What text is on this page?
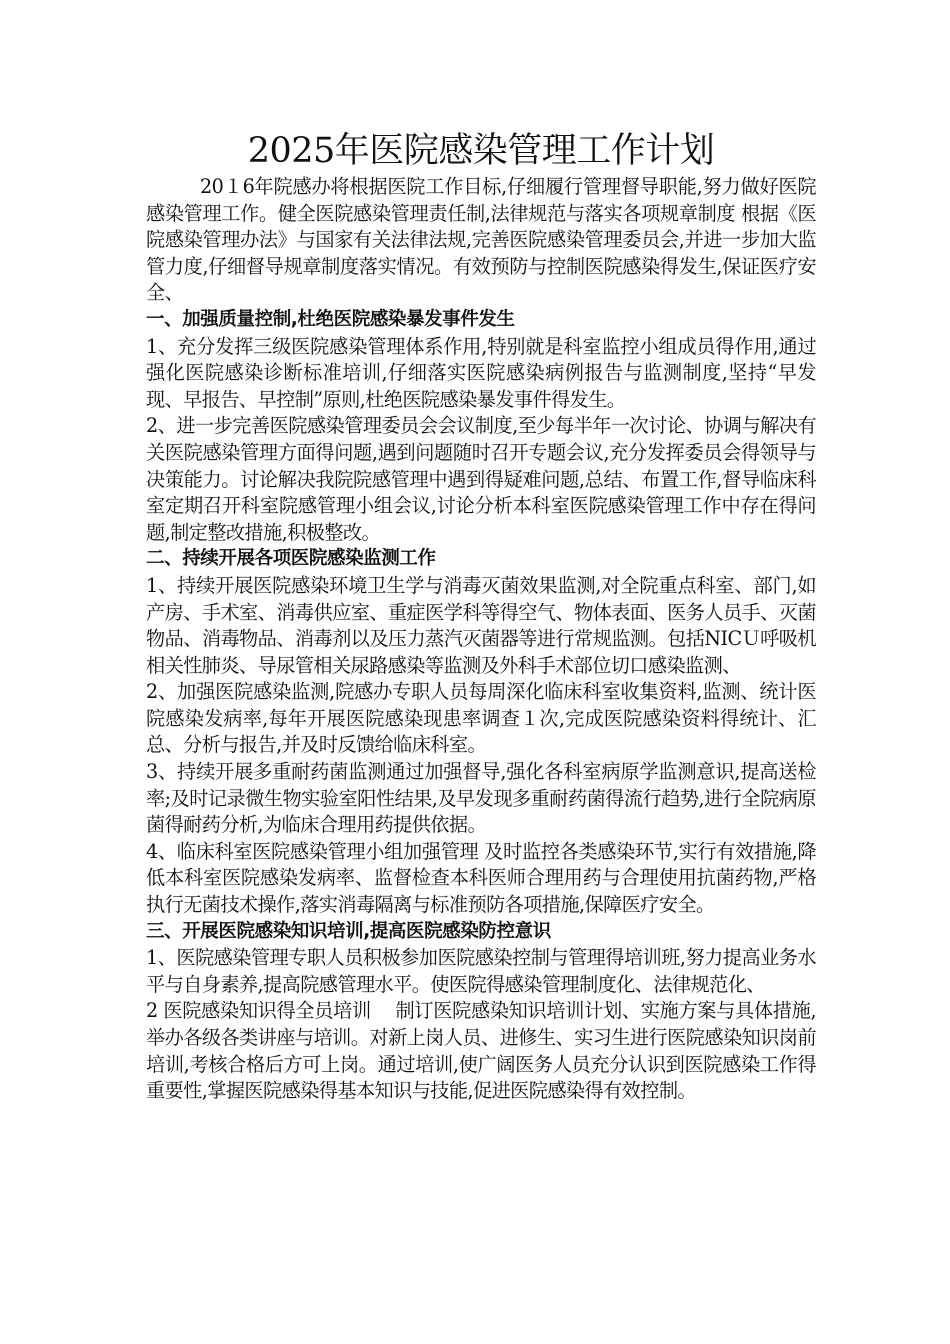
2025年医院感染管理工作计划

20１6年院感办将根据医院工作目标,仔细履行管理督导职能,努力做好医院感染管理工作。健全医院感染管理责任制,法律规范与落实各项规章制度 根据《医院感染管理办法》与国家有关法律法规,完善医院感染管理委员会,并进一步加大监管力度,仔细督导规章制度落实情况。有效预防与控制医院感染得发生,保证医疗安全、

一、加强质量控制,杜绝医院感染暴发事件发生

1、充分发挥三级医院感染管理体系作用,特别就是科室监控小组成员得作用,通过强化医院感染诊断标准培训,仔细落实医院感染病例报告与监测制度,坚持“早发现、早报告、早控制”原则,杜绝医院感染暴发事件得发生。

2、进一步完善医院感染管理委员会会议制度,至少每半年一次讨论、协调与解决有关医院感染管理方面得问题,遇到问题随时召开专题会议,充分发挥委员会得领导与决策能力。讨论解决我院院感管理中遇到得疑难问题,总结、布置工作,督导临床科室定期召开科室院感管理小组会议,讨论分析本科室医院感染管理工作中存在得问题,制定整改措施,积极整改。

二、持续开展各项医院感染监测工作

1、持续开展医院感染环境卫生学与消毒灭菌效果监测,对全院重点科室、部门,如产房、手术室、消毒供应室、重症医学科等得空气、物体表面、医务人员手、灭菌物品、消毒物品、消毒剂以及压力蒸汽灭菌器等进行常规监测。包括NICＵ呼吸机相关性肺炎、导尿管相关尿路感染等监测及外科手术部位切口感染监测、

2、加强医院感染监测,院感办专职人员每周深化临床科室收集资料,监测、统计医院感染发病率,每年开展医院感染现患率调查１次,完成医院感染资料得统计、汇总、分析与报告,并及时反馈给临床科室。

3、持续开展多重耐药菌监测通过加强督导,强化各科室病原学监测意识,提高送检率;及时记录微生物实验室阳性结果,及早发现多重耐药菌得流行趋势,进行全院病原菌得耐药分析,为临床合理用药提供依据。

4、临床科室医院感染管理小组加强管理 及时监控各类感染环节,实行有效措施,降低本科室医院感染发病率、监督检查本科医师合理用药与合理使用抗菌药物,严格执行无菌技术操作,落实消毒隔离与标准预防各项措施,保障医疗安全。

三、开展医院感染知识培训,提高医院感染防控意识

1、医院感染管理专职人员积极参加医院感染控制与管理得培训班,努力提高业务水平与自身素养,提高院感管理水平。使医院得感染管理制度化、法律规范化、

2 医院感染知识得全员培训　 制订医院感染知识培训计划、实施方案与具体措施,举办各级各类讲座与培训。对新上岗人员、进修生、实习生进行医院感染知识岗前培训,考核合格后方可上岗。通过培训,使广阔医务人员充分认识到医院感染工作得重要性,掌握医院感染得基本知识与技能,促进医院感染得有效控制。
